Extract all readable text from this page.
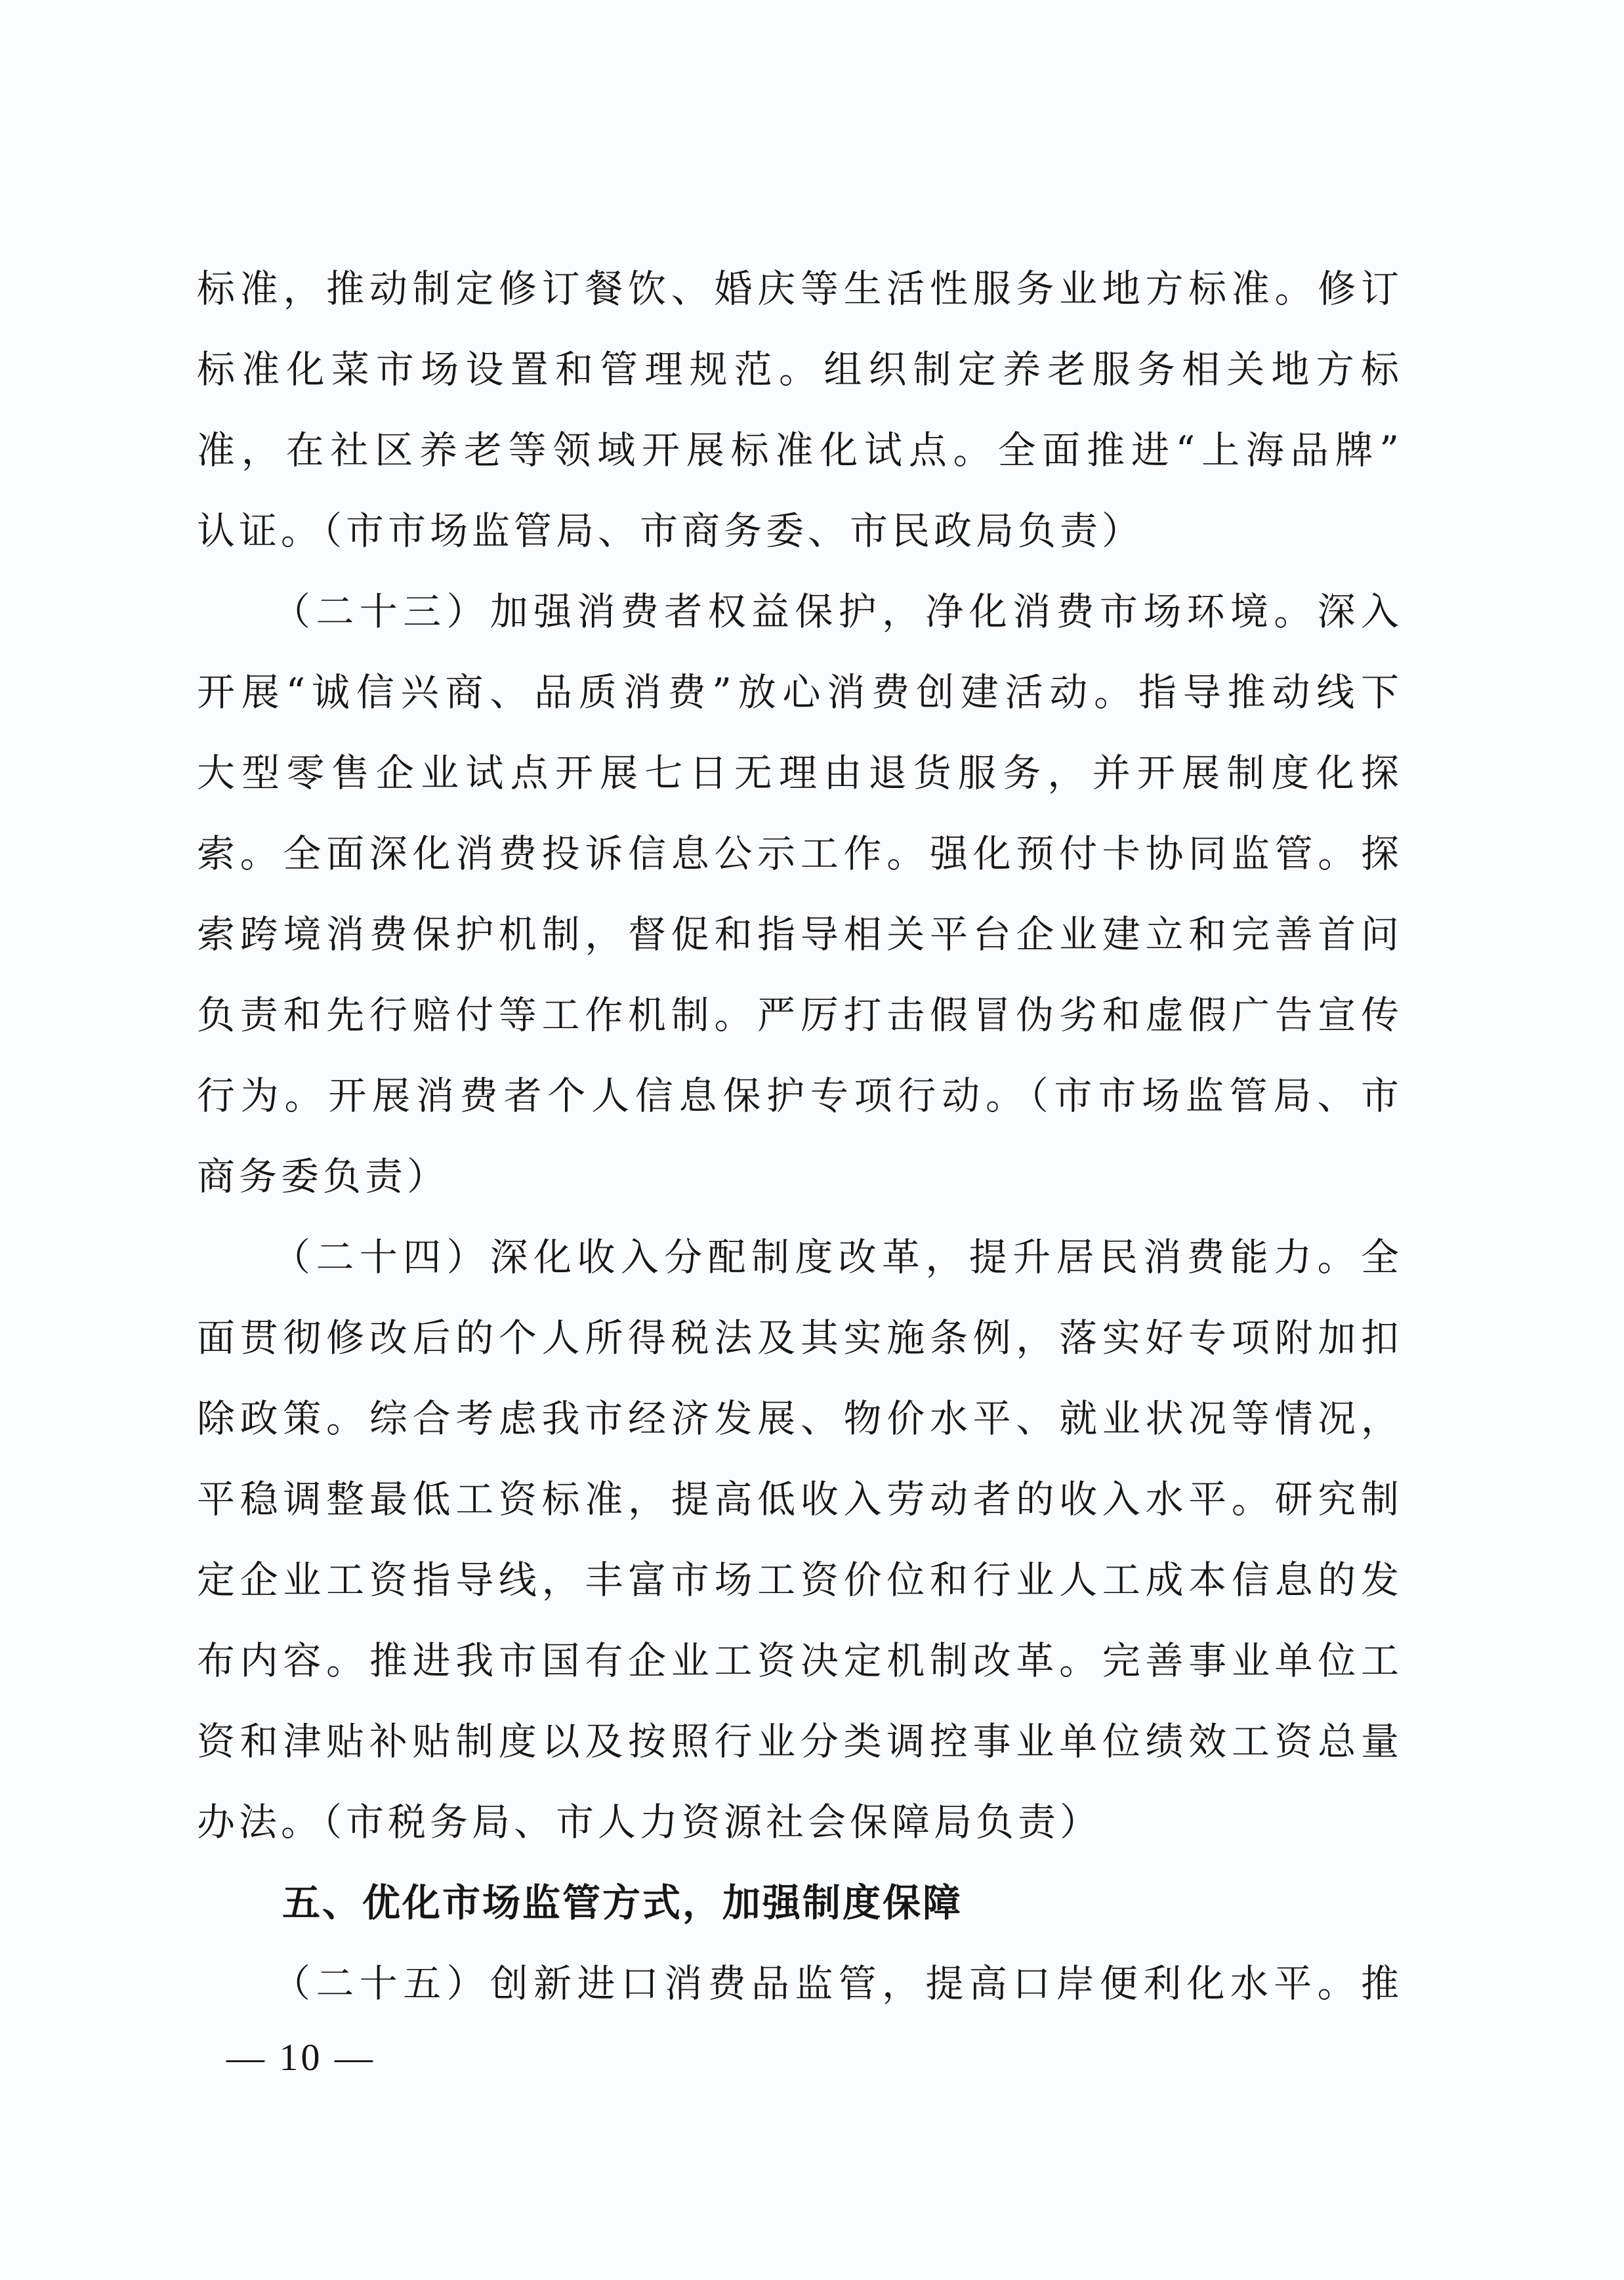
标准，推动制定修订餐饮、婚庆等生活性服务业地方标准。修订
标准化菜市场设置和管理规范。组织制定养老服务相关地方标
准，在社区养老等领域开展标准化试点。全面推进“上海品牌”
认证。（市市场监管局、市商务委、市民政局负责）
（二十三）加强消费者权益保护，净化消费市场环境。深入
开展“诚信兴商、品质消费”放心消费创建活动。指导推动线下
大型零售企业试点开展七日无理由退货服务，并开展制度化探
索。全面深化消费投诉信息公示工作。强化预付卡协同监管。探
索跨境消费保护机制，督促和指导相关平台企业建立和完善首问
负责和先行赔付等工作机制。严厉打击假冒伪劣和虚假广告宣传
行为。开展消费者个人信息保护专项行动。（市市场监管局、市
商务委负责）
（二十四）深化收入分配制度改革，提升居民消费能力。全
面贯彻修改后的个人所得税法及其实施条例，落实好专项附加扣
除政策。综合考虑我市经济发展、物价水平、就业状况等情况，
平稳调整最低工资标准，提高低收入劳动者的收入水平。研究制
定企业工资指导线，丰富市场工资价位和行业人工成本信息的发
布内容。推进我市国有企业工资决定机制改革。完善事业单位工
资和津贴补贴制度以及按照行业分类调控事业单位绩效工资总量
办法。（市税务局、市人力资源社会保障局负责）
五、优化市场监管方式，加强制度保障
（二十五）创新进口消费品监管，提高口岸便利化水平。推
— 10 —
